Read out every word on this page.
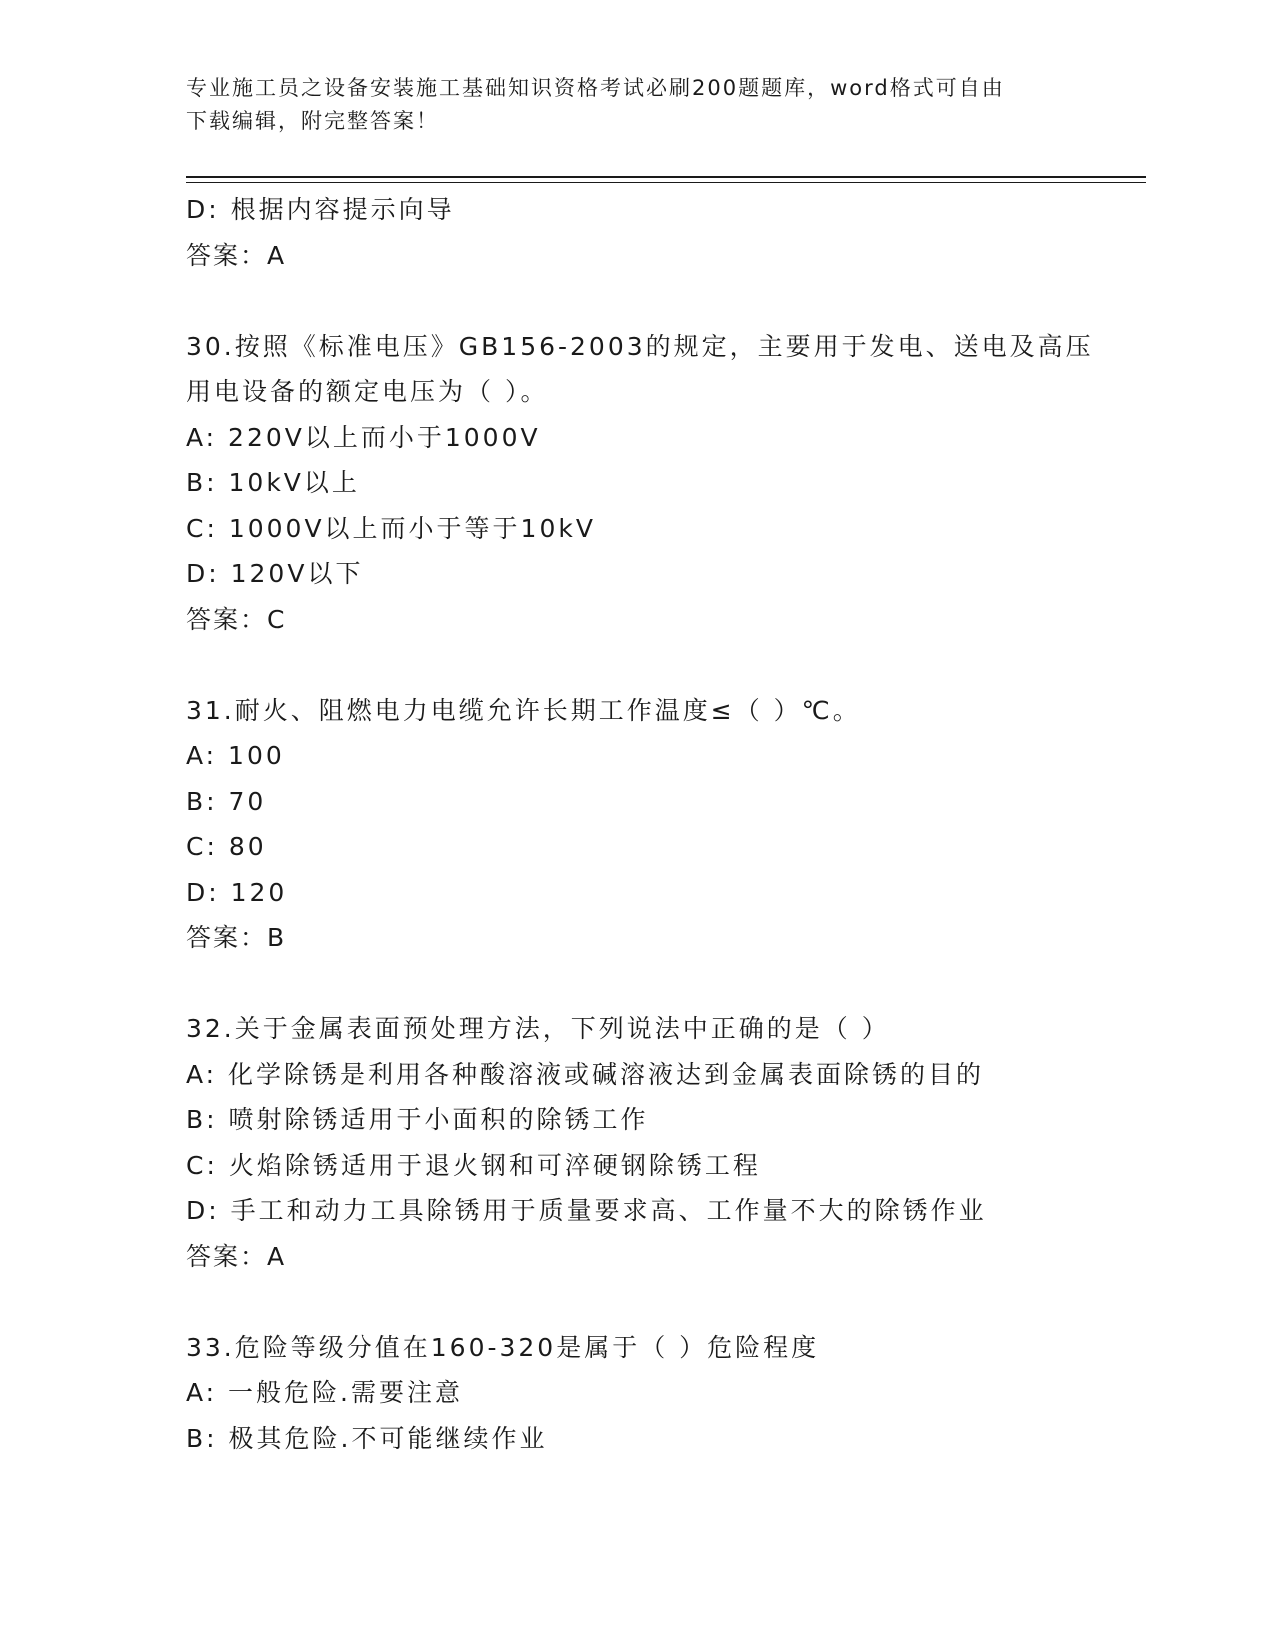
专业施工员之设备安装施工基础知识资格考试必刷200题题库，word格式可自由
下载编辑，附完整答案！
D: 根据内容提示向导
答案：A
30.按照《标准电压》GB156-2003的规定，主要用于发电、送电及高压
用电设备的额定电压为（ ）。
A: 220V以上而小于1000V
B: 10kV以上
C: 1000V以上而小于等于10kV
D: 120V以下
答案：C
31.耐火、阻燃电力电缆允许长期工作温度≤（ ）℃。
A: 100
B: 70
C: 80
D: 120
答案：B
32.关于金属表面预处理方法，下列说法中正确的是（ ）
A: 化学除锈是利用各种酸溶液或碱溶液达到金属表面除锈的目的
B: 喷射除锈适用于小面积的除锈工作
C: 火焰除锈适用于退火钢和可淬硬钢除锈工程
D: 手工和动力工具除锈用于质量要求高、工作量不大的除锈作业
答案：A
33.危险等级分值在160-320是属于（ ）危险程度
A: 一般危险.需要注意
B: 极其危险.不可能继续作业
